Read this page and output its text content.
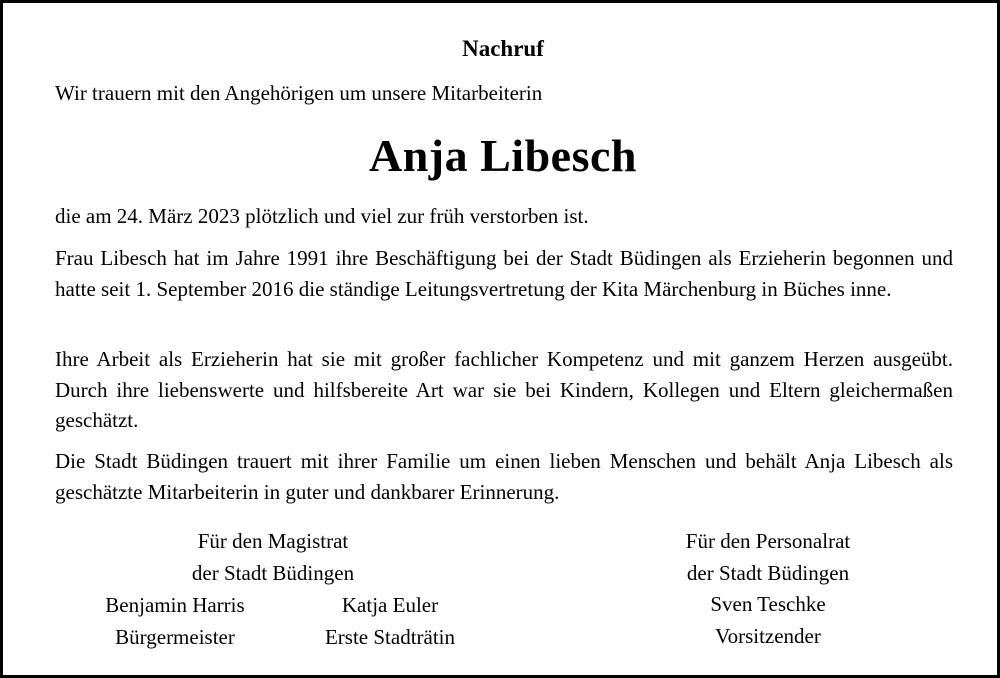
Nachruf
Wir trauern mit den Angehörigen um unsere Mitarbeiterin
Anja Libesch
die am 24. März 2023 plötzlich und viel zur früh verstorben ist.
Frau Libesch hat im Jahre 1991 ihre Beschäftigung bei der Stadt Büdingen als Erzieherin begonnen und hatte seit 1. September 2016 die ständige Leitungsvertretung der Kita Märchenburg in Büches inne.
Ihre Arbeit als Erzieherin hat sie mit großer fachlicher Kompetenz und mit ganzem Herzen ausgeübt. Durch ihre liebenswerte und hilfsbereite Art war sie bei Kindern, Kollegen und Eltern gleichermaßen geschätzt.
Die Stadt Büdingen trauert mit ihrer Familie um einen lieben Menschen und behält Anja Libesch als geschätzte Mitarbeiterin in guter und dankbarer Erinnerung.
Für den Magistrat
der Stadt Büdingen
Benjamin Harris
Bürgermeister
Katja Euler
Erste Stadträtin
Für den Personalrat
der Stadt Büdingen
Sven Teschke
Vorsitzender
